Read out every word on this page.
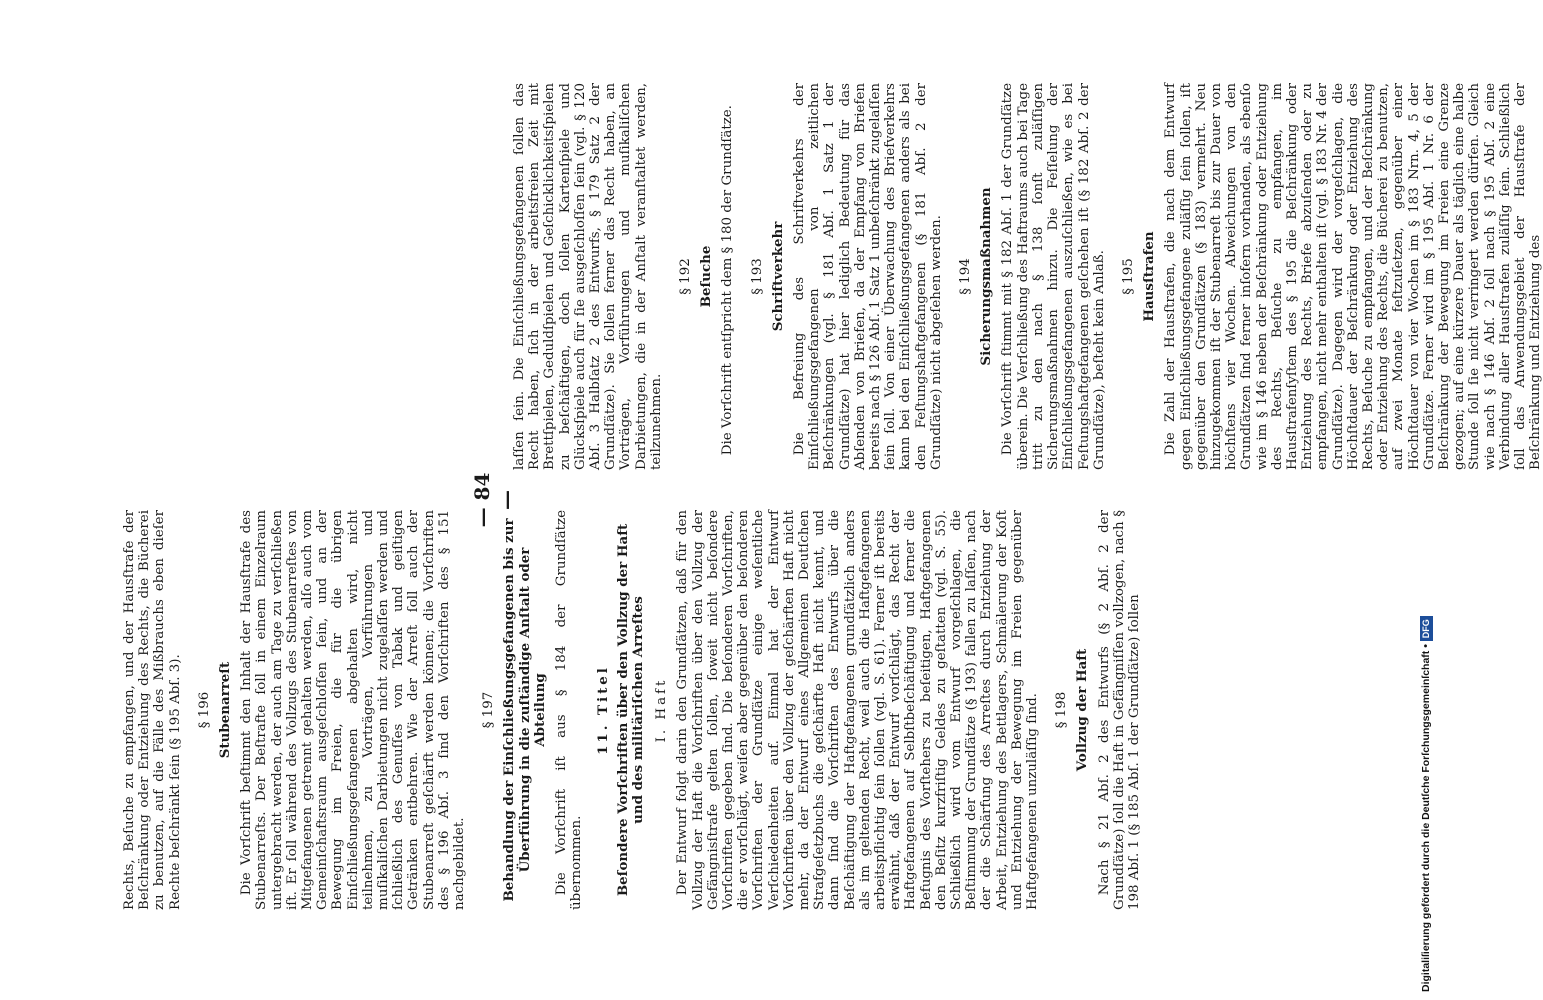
— 84 —

laſſen ſein. Die Einſchließungsgefangenen ſollen das Recht haben, ſich in der arbeitsfreien Zeit mit Brettſpielen, Geduldſpielen und Geſchicklichkeitsſpielen zu beſchäftigen, doch ſollen Kartenſpiele und Glücksſpiele auch für ſie ausgeſchloſſen ſein (vgl. § 120 Abſ. 3 Halbſatz 2 des Entwurfs, § 179 Satz 2 der Grundſätze). Sie ſollen ferner das Recht haben, an Vorträgen, Vorführungen und muſikaliſchen Darbietungen, die in der Anſtalt veranſtaltet werden, teilzunehmen.

§ 192 Beſuche Die Vorſchrift entſpricht dem § 180 der Grundſätze. § 193 Schriftverkehr Die Befreiung des Schriftverkehrs der Einſchließungsgefangenen von zeitlichen Beſchränkungen (vgl. § 181 Abſ. 1 Satz 1 der Grundſätze) hat hier lediglich Bedeutung für das Abſenden von Briefen, da der Empfang von Briefen bereits nach § 126 Abſ. 1 Satz 1 unbeſchränkt zugelaſſen ſein ſoll. Von einer Überwachung des Briefverkehrs kann bei den Einſchließungsgefangenen anders als bei den Feſtungshaftgefangenen (§ 181 Abſ. 2 der Grundſätze) nicht abgeſehen werden. § 194 Sicherungsmaßnahmen Die Vorſchrift ſtimmt mit § 182 Abſ. 1 der Grundſätze überein. Die Verſchließung des Haftraums auch bei Tage tritt zu den nach § 138 ſonſt zuläſſigen Sicherungsmaßnahmen hinzu. Die Feſſelung der Einſchließungsgefangenen auszuſchließen, wie es bei Feſtungshaftgefangenen geſchehen iſt (§ 182 Abſ. 2 der Grundſätze), beſteht kein Anlaß. § 195 Hausſtrafen Die Zahl der Hausſtrafen, die nach dem Entwurf gegen Einſchließungsgefangene zuläſſig ſein ſollen, iſt gegenüber den Grundſätzen (§ 183) vermehrt. Neu hinzugekommen iſt der Stubenarreſt bis zur Dauer von höchſtens vier Wochen. Abweichungen von den Grundſätzen ſind ferner inſofern vorhanden, als ebenſo wie im § 146 neben der Beſchränkung oder Entziehung des Rechts, Beſuche zu empfangen, im Hausſtrafenſyſtem des § 195 die Beſchränkung oder Entziehung des Rechts, Briefe abzuſenden oder zu empfangen, nicht mehr enthalten iſt (vgl. § 183 Nr. 4 der Grundſätze). Dagegen wird der vorgeſchlagen, die Höchſtdauer der Beſchränkung oder Entziehung des Rechts, Beſuche zu empfangen, und der Beſchränkung oder Entziehung des Rechts, die Bücherei zu benutzen, auf zwei Monate feſtzuſetzen, gegenüber einer Höchſtdauer von vier Wochen im § 183 Nrn. 4, 5 der Grundſätze. Ferner wird im § 195 Abſ. 1 Nr. 6 der Beſchränkung der Bewegung im Freien eine Grenze gezogen; auf eine kürzere Dauer als täglich eine halbe Stunde ſoll ſie nicht verringert werden dürfen. Gleich wie nach § 146 Abſ. 2 ſoll nach § 195 Abſ. 2 eine Verbindung aller Hausſtrafen zuläſſig ſein. Schließlich ſoll das Anwendungsgebiet der Hausſtrafe der Beſchränkung und Entziehung des

Rechts, Beſuche zu empfangen, und der Hausſtrafe der Beſchränkung oder Entziehung des Rechts, die Bücherei zu benutzen, auf die Fälle des Mißbrauchs eben dieſer Rechte beſchränkt ſein (§ 195 Abſ. 3). § 196 Stubenarreſt Die Vorſchrift beſtimmt den Inhalt der Hausſtrafe des Stubenarreſts. Der Beſtrafte ſoll in einem Einzelraum untergebracht werden, der auch am Tage zu verſchließen iſt. Er ſoll während des Vollzugs des Stubenarreſtes von Mitgefangenen getrennt gehalten werden, alſo auch vom Gemeinſchaftsraum ausgeſchloſſen ſein, und an der Bewegung im Freien, die für die übrigen Einſchließungsgefangenen abgehalten wird, nicht teilnehmen, zu Vorträgen, Vorführungen und muſikaliſchen Darbietungen nicht zugelaſſen werden und ſchließlich des Genuſſes von Tabak und geiſtigen Getränken entbehren. Wie der Arreſt ſoll auch der Stubenarreſt geſchärft werden können; die Vorſchriften des § 196 Abſ. 3 ſind den Vorſchriften des § 151 nachgebildet.

§ 197 Behandlung der Einſchließungsgefangenen bis zur Überführung in die zuſtändige Anſtalt oder Abteilung Die Vorſchrift iſt aus § 184 der Grundſätze übernommen.

11. Titel Beſondere Vorſchriften über den Vollzug der Haft und des militäriſchen Arreſtes I. Haft Der Entwurf folgt darin den Grundſätzen, daß für den Vollzug der Haft die Vorſchriften über den Vollzug der Gefängnisſtrafe gelten ſollen, ſoweit nicht beſondere Vorſchriften gegeben ſind. Die beſonderen Vorſchriften, die er vorſchlägt, weiſen aber gegenüber den beſonderen Vorſchriften der Grundſätze einige weſentliche Verſchiedenheiten auf. Einmal hat der Entwurf Vorſchriften über den Vollzug der geſchärften Haft nicht mehr, da der Entwurf eines Allgemeinen Deutſchen Strafgeſetzbuchs die geſchärfte Haft nicht kennt, und dann ſind die Vorſchriften des Entwurfs über die Beſchäftigung der Haftgefangenen grundſätzlich anders als im geltenden Recht, weil auch die Haftgefangenen arbeitspflichtig ſein ſollen (vgl. S. 61). Ferner iſt bereits erwähnt, daß der Entwurf vorſchlägt, das Recht der Haftgefangenen auf Selbſtbeſchäftigung und ferner die Befugnis des Vorſtehers zu beſeitigen, Haftgefangenen den Beſitz kurzfriſtig Geldes zu geſtatten (vgl. S. 55). Schließlich wird vom Entwurf vorgeſchlagen, die Beſtimmung der Grundſätze (§ 193) fallen zu laſſen, nach der die Schärfung des Arreſtes durch Entziehung der Arbeit, Entziehung des Bettlagers, Schmälerung der Koſt und Entziehung der Bewegung im Freien gegenüber Haftgefangenen unzuläſſig ſind. § 198 Vollzug der Haft Nach § 21 Abſ. 2 des Entwurfs (§ 2 Abſ. 2 der Grundſätze) ſoll die Haft in Gefängniſſen vollzogen, nach § 198 Abſ. 1 (§ 185 Abſ. 1 der Grundſätze) ſollen	Digitaliſierung gefördert durch die Deutſche Forſchungsgemeinſchaft • DFG
